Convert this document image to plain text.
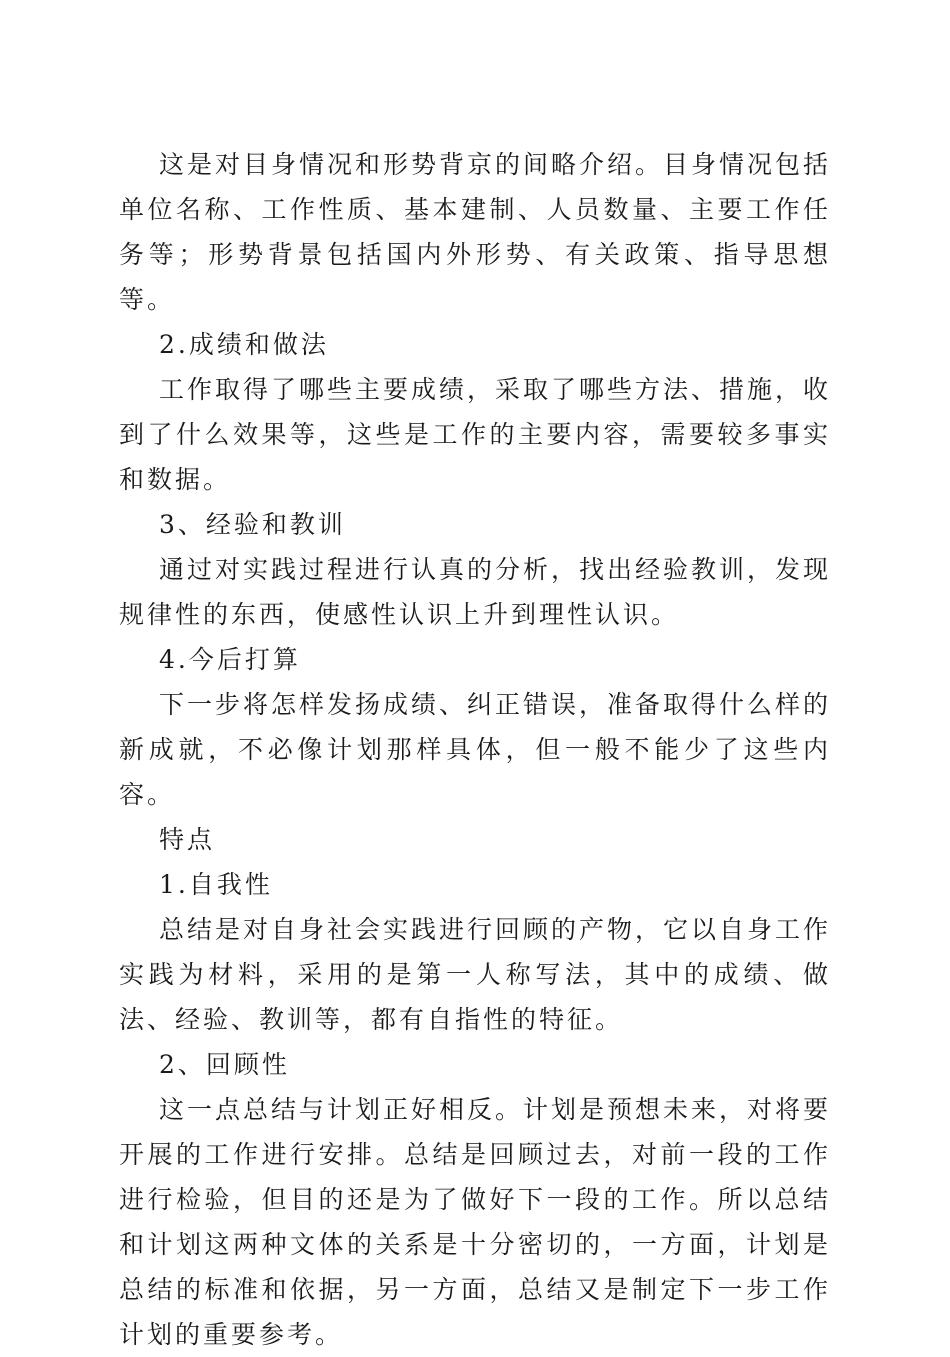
这是对目身情况和形势背京的间略介绍。目身情况包括单位名称、工作性质、基本建制、人员数量、主要工作任务等；形势背景包括国内外形势、有关政策、指导思想等。

2.成绩和做法

工作取得了哪些主要成绩，采取了哪些方法、措施，收到了什么效果等，这些是工作的主要内容，需要较多事实和数据。

3、经验和教训

通过对实践过程进行认真的分析，找出经验教训，发现规律性的东西，使感性认识上升到理性认识。

4.今后打算

下一步将怎样发扬成绩、纠正错误，准备取得什么样的新成就，不必像计划那样具体，但一般不能少了这些内容。

特点

1.自我性

总结是对自身社会实践进行回顾的产物，它以自身工作实践为材料，采用的是第一人称写法，其中的成绩、做法、经验、教训等，都有自指性的特征。

2、回顾性

这一点总结与计划正好相反。计划是预想未来，对将要开展的工作进行安排。总结是回顾过去，对前一段的工作进行检验，但目的还是为了做好下一段的工作。所以总结和计划这两种文体的关系是十分密切的，一方面，计划是总结的标准和依据，另一方面，总结又是制定下一步工作计划的重要参考。
